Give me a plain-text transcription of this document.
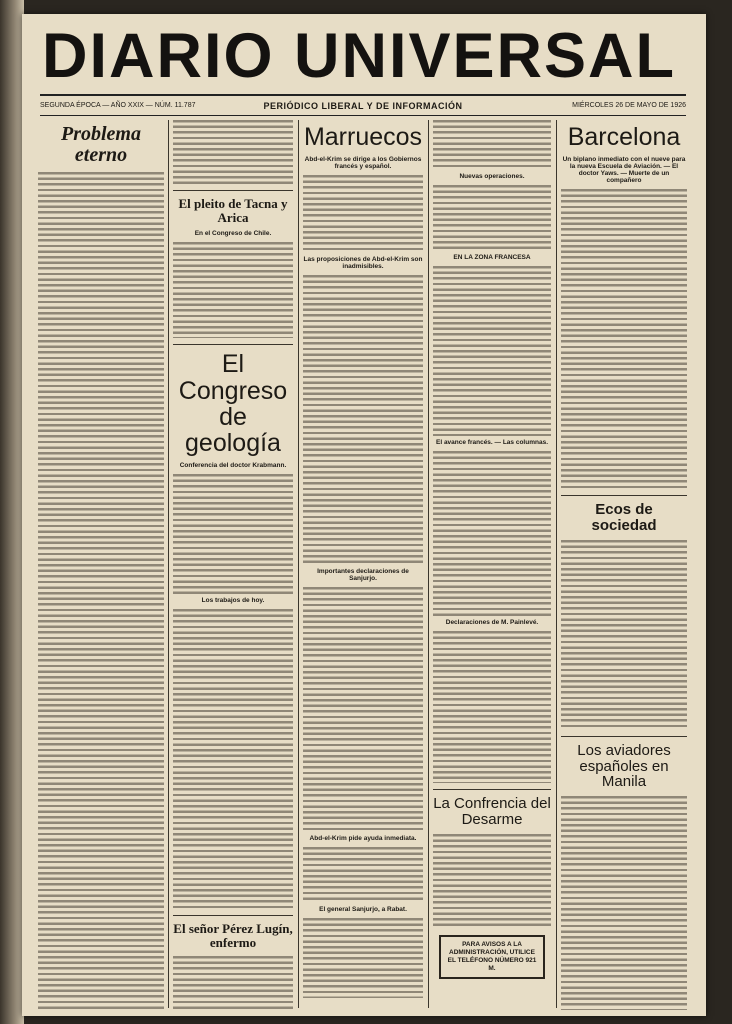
DIARIO UNIVERSAL
SEGUNDA ÉPOCA — AÑO XXIX — NÚM. 11.787	PERIÓDICO LIBERAL Y DE INFORMACIÓN	MIÉRCOLES 26 DE MAYO DE 1926
Problema eterno
El pleito de Tacna y Arica
En el Congreso de Chile.
El Congreso de geología
Conferencia del doctor Krabmann.
Los trabajos de hoy.
El señor Pérez Lugín, enfermo
Marruecos
Abd-el-Krim se dirige a los Gobiernos francés y español.
Las proposiciones de Abd-el-Krim son inadmisibles.
Importantes declaraciones de Sanjurjo.
Abd-el-Krim pide ayuda inmediata.
El general Sanjurjo, a Rabat.
Nuevas operaciones.
EN LA ZONA FRANCESA
El avance francés. — Las columnas.
Declaraciones de M. Painlevé.
La Confrencia del Desarme
PARA AVISOS A LA ADMINISTRACIÓN, UTILICE EL TELÉFONO NÚMERO 921 M.
Barcelona
Un biplano inmediato con el nueve para la nueva Escuela de Aviación. — El doctor Yaws. — Muerte de un compañero
Ecos de sociedad
Los aviadores españoles en Manila
